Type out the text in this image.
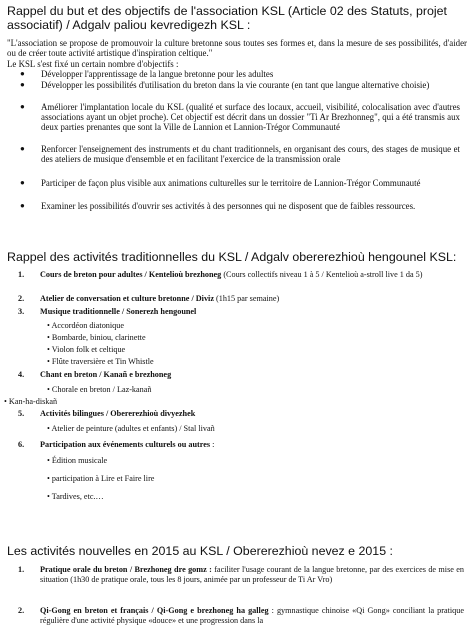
Rappel du but et des objectifs de l'association KSL (Article 02 des Statuts, projet associatif) / Adgalv paliou kevredigezh KSL :
"L'association se propose de promouvoir la culture bretonne sous toutes ses formes et, dans la mesure de ses possibilités, d'aider ou de créer toute activité artistique d'inspiration celtique."
Le KSL s'est fixé un certain nombre d'objectifs :
● Développer l'apprentissage de la langue bretonne pour les adultes
● Développer les possibilités d'utilisation du breton dans la vie courante (en tant que langue alternative choisie)
● Améliorer l'implantation locale du KSL (qualité et surface des locaux, accueil, visibilité, colocalisation avec d'autres associations ayant un objet proche). Cet objectif est décrit dans un dossier "Ti Ar Brezhonneg", qui a été transmis aux deux parties prenantes que sont la Ville de Lannion et Lannion-Trégor Communauté
● Renforcer l'enseignement des instruments et du chant traditionnels, en organisant des cours, des stages de musique et des ateliers de musique d'ensemble et en facilitant l'exercice de la transmission orale
● Participer de façon plus visible aux animations culturelles sur le territoire de Lannion-Trégor Communauté
● Examiner les possibilités d'ouvrir ses activités à des personnes qui ne disposent que de faibles ressources.
Rappel des activités traditionnelles du KSL / Adgalv obererezhioù hengounel KSL:
1. Cours de breton pour adultes / Kentelioù brezhoneg (Cours collectifs niveau 1 à 5 / Kentelioù a-stroll live 1 da 5)
2. Atelier de conversation et culture bretonne / Diviz (1h15 par semaine)
3. Musique traditionnelle / Sonerezh hengounel
• Accordéon diatonique
• Bombarde, biniou, clarinette
• Violon folk et celtique
• Flûte traversière et Tin Whistle
4. Chant en breton / Kanañ e brezhoneg
• Chorale en breton / Laz-kanañ
• Kan-ha-diskañ
5. Activités bilingues / Obererezhioù divyezhek
• Atelier de peinture (adultes et enfants) / Stal livañ
6. Participation aux événements culturels ou autres :
• Édition musicale
• participation à Lire et Faire lire
• Tardives, etc.…
Les activités nouvelles en 2015 au KSL / Obererezhioù nevez e 2015 :
1. Pratique orale du breton / Brezhoneg dre gomz : faciliter l'usage courant de la langue bretonne, par des exercices de mise en situation (1h30 de pratique orale, tous les 8 jours, animée par un professeur de Ti Ar Vro)
2. Qi-Gong en breton et français / Qi-Gong e brezhoneg ha galleg : gymnastique chinoise «Qi Gong» conciliant la pratique régulière d'une activité physique «douce» et une progression dans la
